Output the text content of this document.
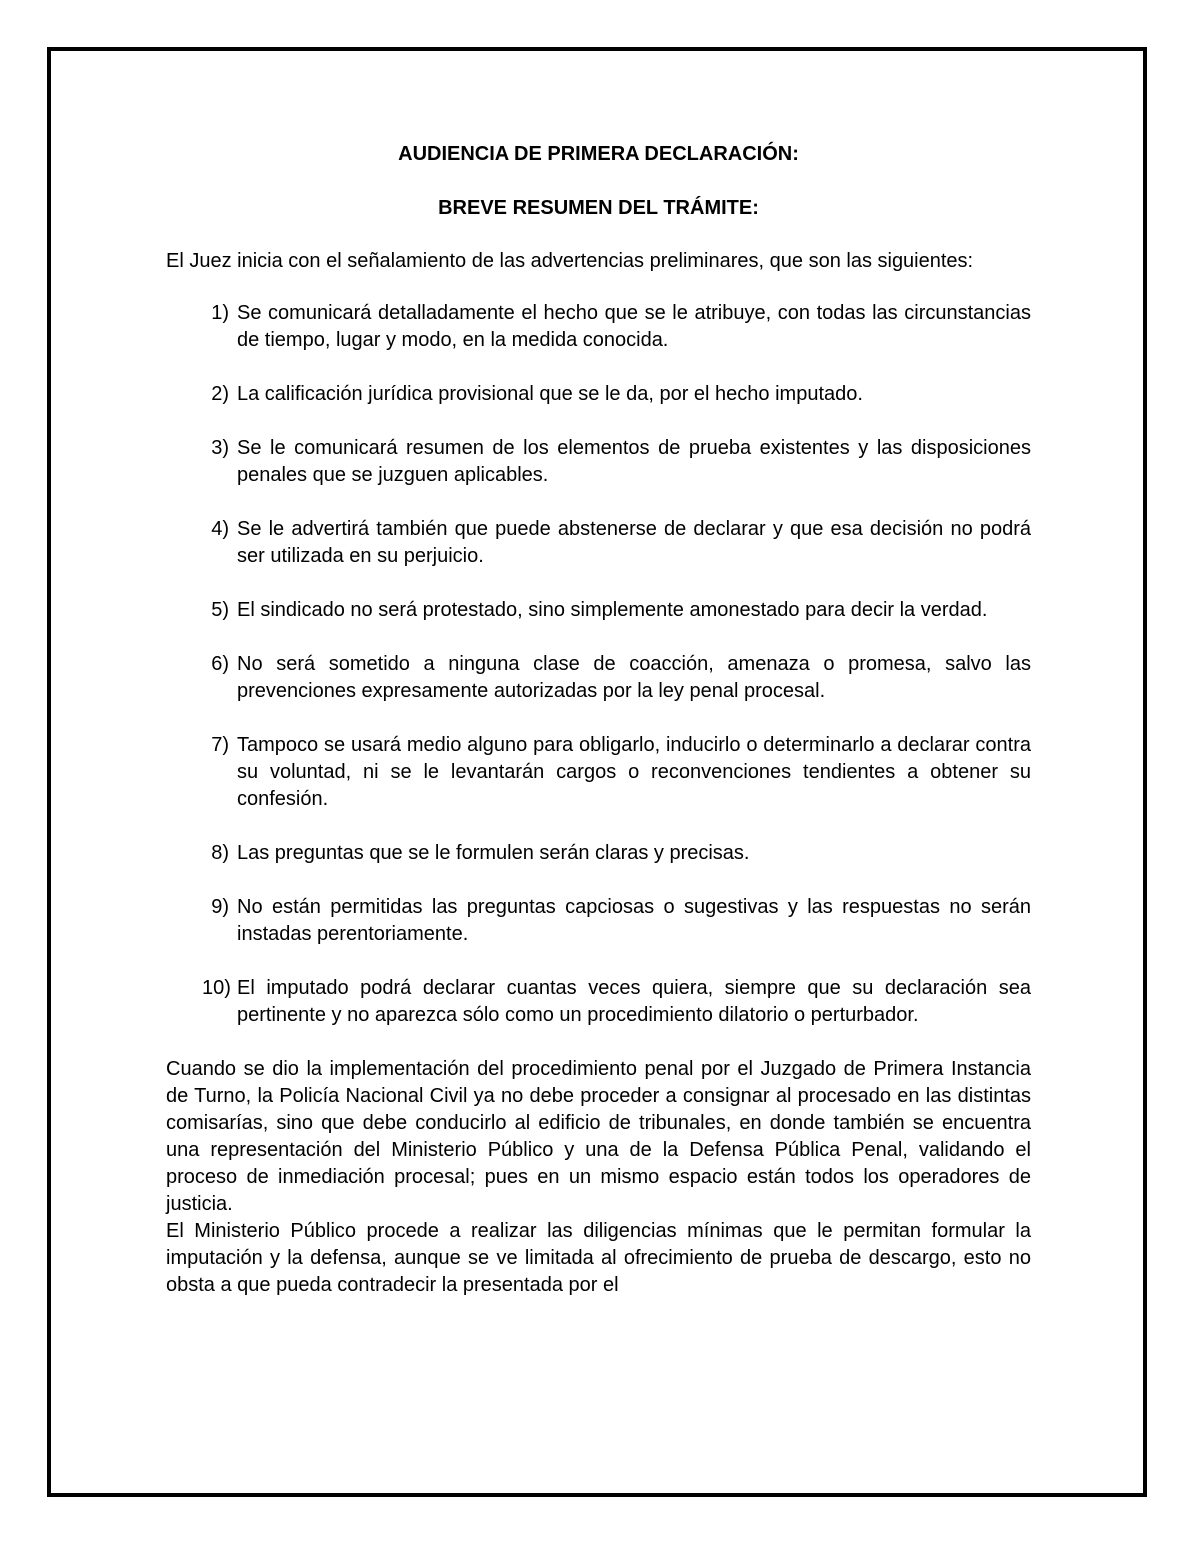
AUDIENCIA DE PRIMERA DECLARACIÓN:

BREVE RESUMEN DEL TRÁMITE:

El Juez inicia con el señalamiento de las advertencias preliminares, que son las siguientes:

1) Se comunicará detalladamente el hecho que se le atribuye, con todas las circunstancias de tiempo, lugar y modo, en la medida conocida.
2) La calificación jurídica provisional que se le da, por el hecho imputado.
3) Se le comunicará resumen de los elementos de prueba existentes y las disposiciones penales que se juzguen aplicables.
4) Se le advertirá también que puede abstenerse de declarar y que esa decisión no podrá ser utilizada en su perjuicio.
5) El sindicado no será protestado, sino simplemente amonestado para decir la verdad.
6) No será sometido a ninguna clase de coacción, amenaza o promesa, salvo las prevenciones expresamente autorizadas por la ley penal procesal.
7) Tampoco se usará medio alguno para obligarlo, inducirlo o determinarlo a declarar contra su voluntad, ni se le levantarán cargos o reconvenciones tendientes a obtener su confesión.
8) Las preguntas que se le formulen serán claras y precisas.
9) No están permitidas las preguntas capciosas o sugestivas y las respuestas no serán instadas perentoriamente.
10) El imputado podrá declarar cuantas veces quiera, siempre que su declaración sea pertinente y no aparezca sólo como un procedimiento dilatorio o perturbador.

Cuando se dio la implementación del procedimiento penal por el Juzgado de Primera Instancia de Turno, la Policía Nacional Civil ya no debe proceder a consignar al procesado en las distintas comisarías, sino que debe conducirlo al edificio de tribunales, en donde también se encuentra una representación del Ministerio Público y una de la Defensa Pública Penal, validando el proceso de inmediación procesal; pues en un mismo espacio están todos los operadores de justicia.

El Ministerio Público procede a realizar las diligencias mínimas que le permitan formular la imputación y la defensa, aunque se ve limitada al ofrecimiento de prueba de descargo, esto no obsta a que pueda contradecir la presentada por el
